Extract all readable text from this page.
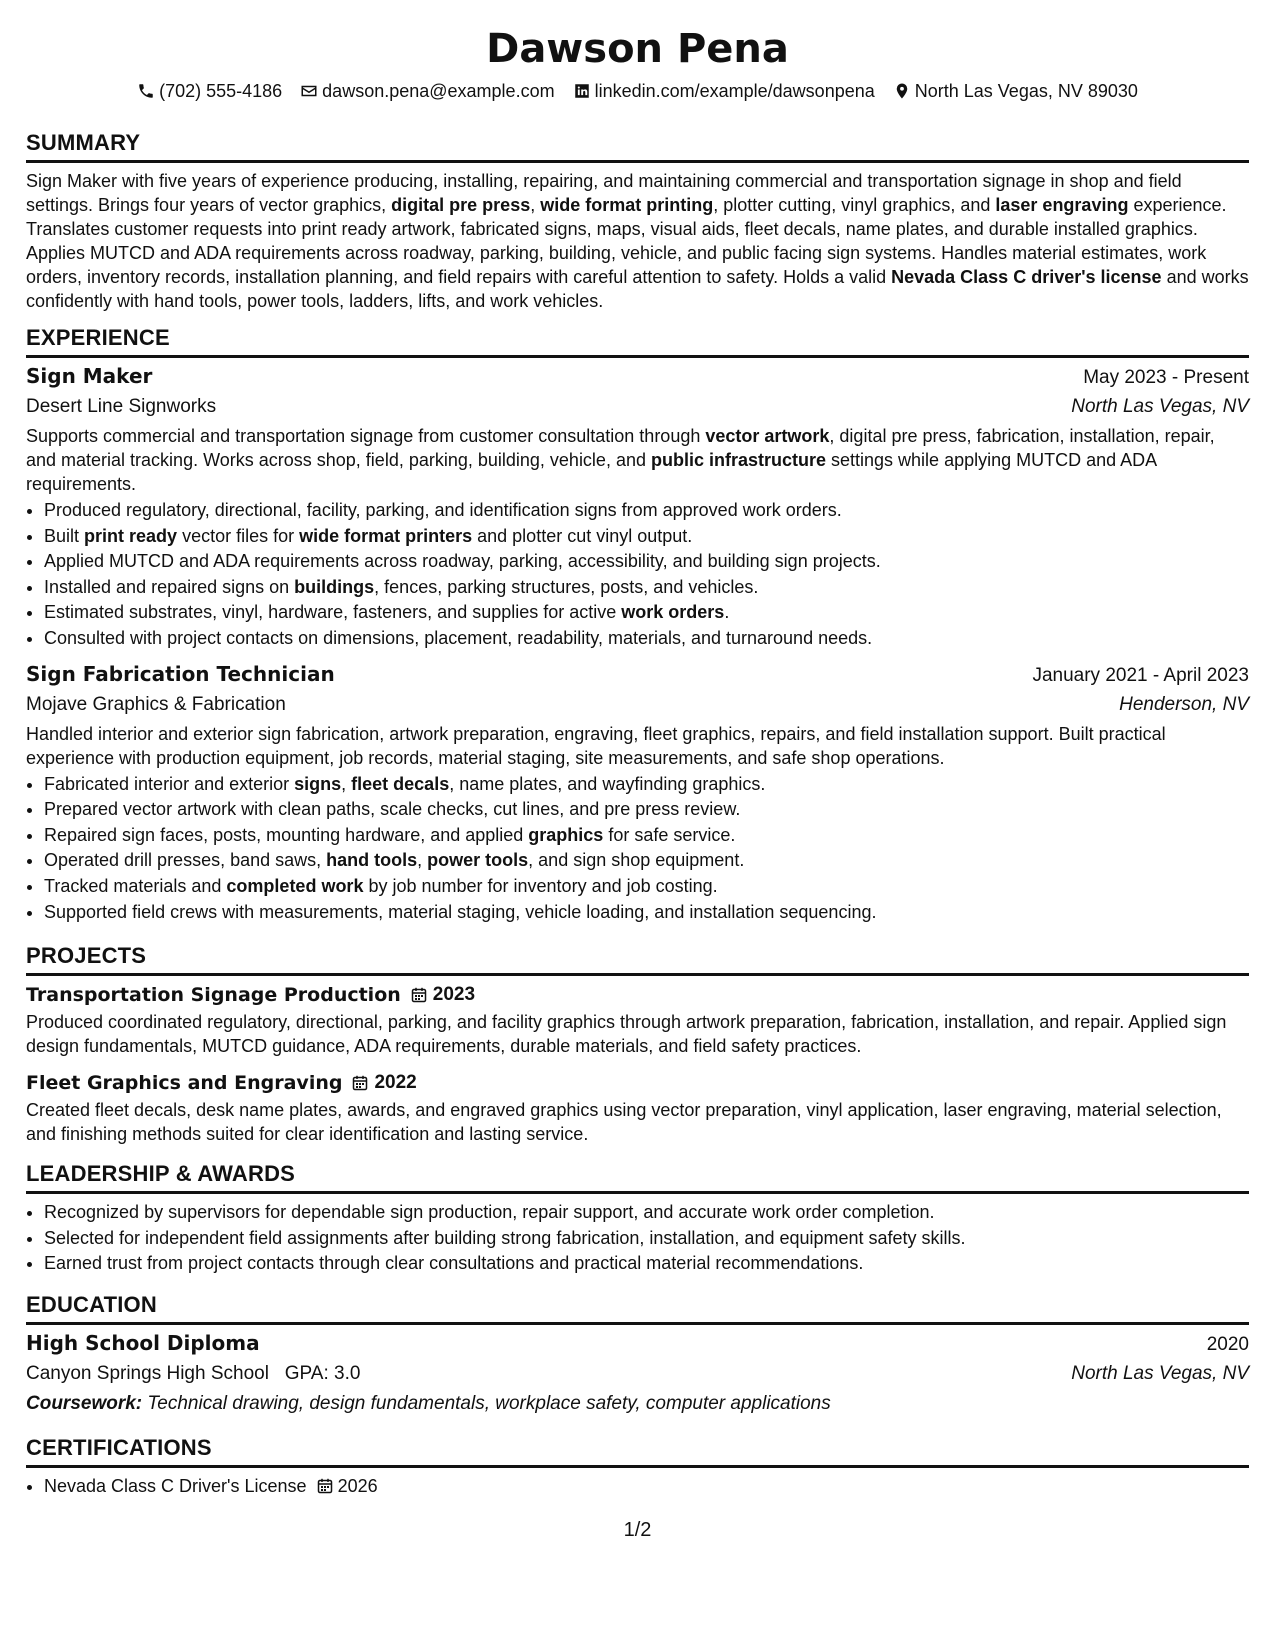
Dawson Pena
(702) 555-4186 dawson.pena@example.com linkedin.com/example/dawsonpena North Las Vegas, NV 89030
SUMMARY

Sign Maker with five years of experience producing, installing, repairing, and maintaining commercial and transportation signage in shop and field settings. Brings four years of vector graphics, digital pre press, wide format printing, plotter cutting, vinyl graphics, and laser engraving experience. Translates customer requests into print ready artwork, fabricated signs, maps, visual aids, fleet decals, name plates, and durable installed graphics. Applies MUTCD and ADA requirements across roadway, parking, building, vehicle, and public facing sign systems. Handles material estimates, work orders, inventory records, installation planning, and field repairs with careful attention to safety. Holds a valid Nevada Class C driver's license and works confidently with hand tools, power tools, ladders, lifts, and work vehicles.

EXPERIENCE
Sign Maker	May 2023 - Present
Desert Line Signworks	North Las Vegas, NV

Supports commercial and transportation signage from customer consultation through vector artwork, digital pre press, fabrication, installation, repair, and material tracking. Works across shop, field, parking, building, vehicle, and public infrastructure settings while applying MUTCD and ADA requirements.

• Produced regulatory, directional, facility, parking, and identification signs from approved work orders.
• Built print ready vector files for wide format printers and plotter cut vinyl output.
• Applied MUTCD and ADA requirements across roadway, parking, accessibility, and building sign projects.
• Installed and repaired signs on buildings, fences, parking structures, posts, and vehicles.
• Estimated substrates, vinyl, hardware, fasteners, and supplies for active work orders.
• Consulted with project contacts on dimensions, placement, readability, materials, and turnaround needs.
Sign Fabrication Technician	January 2021 - April 2023
Mojave Graphics & Fabrication	Henderson, NV

Handled interior and exterior sign fabrication, artwork preparation, engraving, fleet graphics, repairs, and field installation support. Built practical experience with production equipment, job records, material staging, site measurements, and safe shop operations.

• Fabricated interior and exterior signs, fleet decals, name plates, and wayfinding graphics.
• Prepared vector artwork with clean paths, scale checks, cut lines, and pre press review.
• Repaired sign faces, posts, mounting hardware, and applied graphics for safe service.
• Operated drill presses, band saws, hand tools, power tools, and sign shop equipment.
• Tracked materials and completed work by job number for inventory and job costing.
• Supported field crews with measurements, material staging, vehicle loading, and installation sequencing.
PROJECTS
Transportation Signage Production 2023

Produced coordinated regulatory, directional, parking, and facility graphics through artwork preparation, fabrication, installation, and repair. Applied sign design fundamentals, MUTCD guidance, ADA requirements, durable materials, and field safety practices.

Fleet Graphics and Engraving 2022

Created fleet decals, desk name plates, awards, and engraved graphics using vector preparation, vinyl application, laser engraving, material selection, and finishing methods suited for clear identification and lasting service.

LEADERSHIP & AWARDS
• Recognized by supervisors for dependable sign production, repair support, and accurate work order completion.
• Selected for independent field assignments after building strong fabrication, installation, and equipment safety skills.
• Earned trust from project contacts through clear consultations and practical material recommendations.
EDUCATION
High School Diploma	2020
Canyon Springs High School GPA: 3.0	North Las Vegas, NV
Coursework: Technical drawing, design fundamentals, workplace safety, computer applications
CERTIFICATIONS
• Nevada Class C Driver's License 2026
1/2
